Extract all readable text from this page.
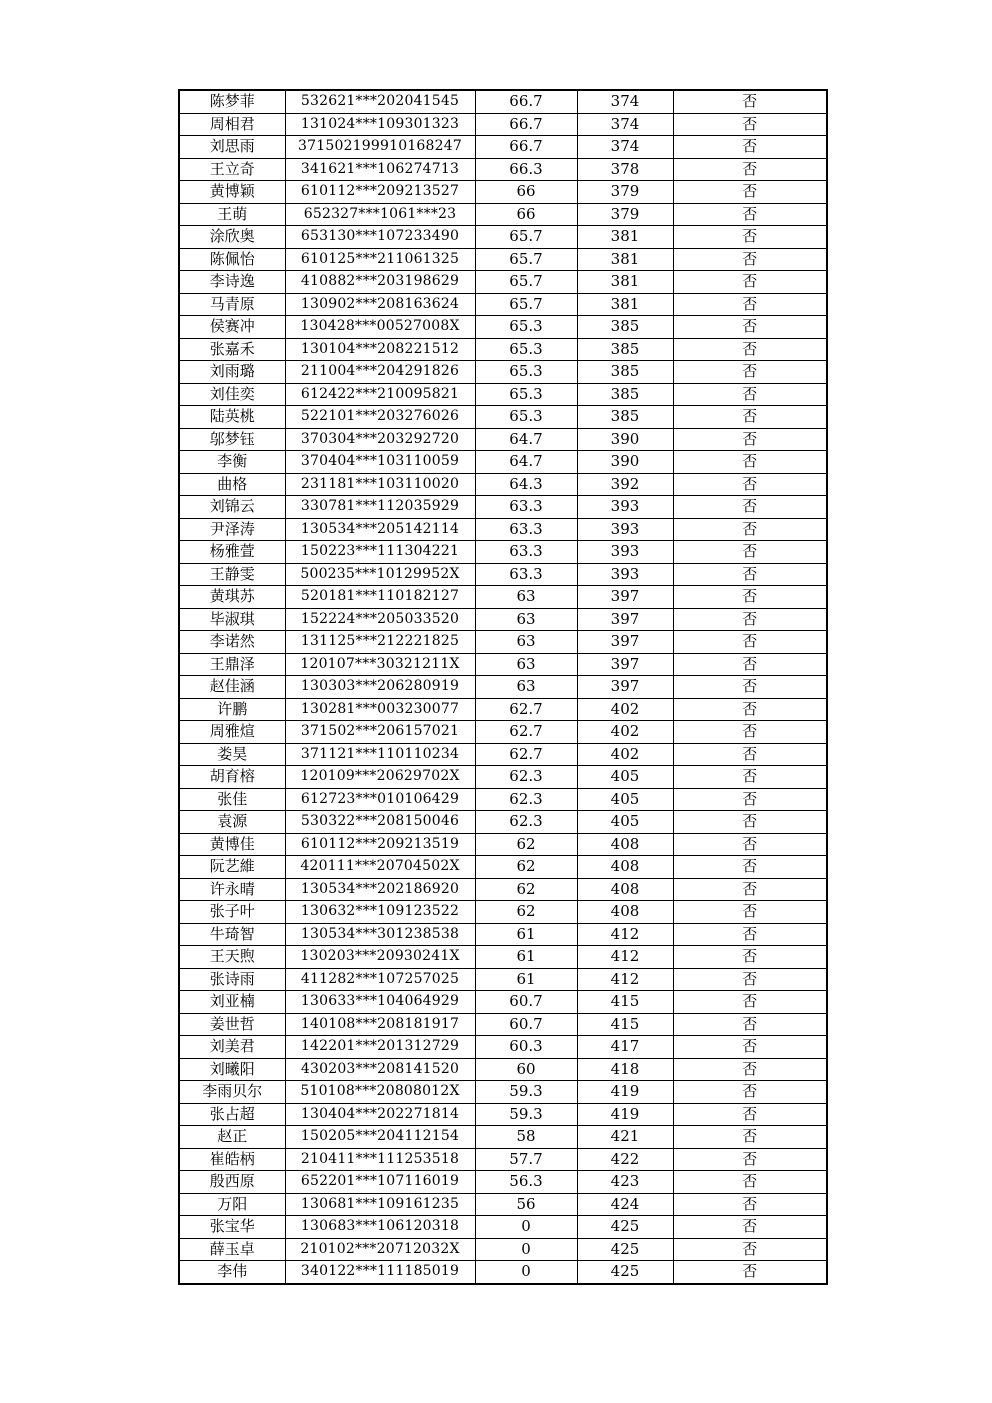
陈梦菲	532621***202041545	66.7	374	否
周相君	131024***109301323	66.7	374	否
刘思雨	371502199910168247	66.7	374	否
王立奇	341621***106274713	66.3	378	否
黄博颖	610112***209213527	66	379	否
王萌	652327***1061***23	66	379	否
涂欣奥	653130***107233490	65.7	381	否
陈佩怡	610125***211061325	65.7	381	否
李诗逸	410882***203198629	65.7	381	否
马青原	130902***208163624	65.7	381	否
侯赛冲	130428***00527008X	65.3	385	否
张嘉禾	130104***208221512	65.3	385	否
刘雨璐	211004***204291826	65.3	385	否
刘佳奕	612422***210095821	65.3	385	否
陆英桃	522101***203276026	65.3	385	否
邬梦钰	370304***203292720	64.7	390	否
李衡	370404***103110059	64.7	390	否
曲格	231181***103110020	64.3	392	否
刘锦云	330781***112035929	63.3	393	否
尹泽涛	130534***205142114	63.3	393	否
杨雅萱	150223***111304221	63.3	393	否
王静雯	500235***10129952X	63.3	393	否
黄琪苏	520181***110182127	63	397	否
毕淑琪	152224***205033520	63	397	否
李诺然	131125***212221825	63	397	否
王鼎泽	120107***30321211X	63	397	否
赵佳涵	130303***206280919	63	397	否
许鹏	130281***003230077	62.7	402	否
周雅煊	371502***206157021	62.7	402	否
娄昊	371121***110110234	62.7	402	否
胡育榕	120109***20629702X	62.3	405	否
张佳	612723***010106429	62.3	405	否
袁源	530322***208150046	62.3	405	否
黄博佳	610112***209213519	62	408	否
阮艺維	420111***20704502X	62	408	否
许永晴	130534***202186920	62	408	否
张子叶	130632***109123522	62	408	否
牛琦智	130534***301238538	61	412	否
王天煦	130203***20930241X	61	412	否
张诗雨	411282***107257025	61	412	否
刘亚楠	130633***104064929	60.7	415	否
姜世哲	140108***208181917	60.7	415	否
刘美君	142201***201312729	60.3	417	否
刘曦阳	430203***208141520	60	418	否
李雨贝尔	510108***20808012X	59.3	419	否
张占超	130404***202271814	59.3	419	否
赵正	150205***204112154	58	421	否
崔皓柄	210411***111253518	57.7	422	否
殷西原	652201***107116019	56.3	423	否
万阳	130681***109161235	56	424	否
张宝华	130683***106120318	0	425	否
薛玉卓	210102***20712032X	0	425	否
李伟	340122***111185019	0	425	否
